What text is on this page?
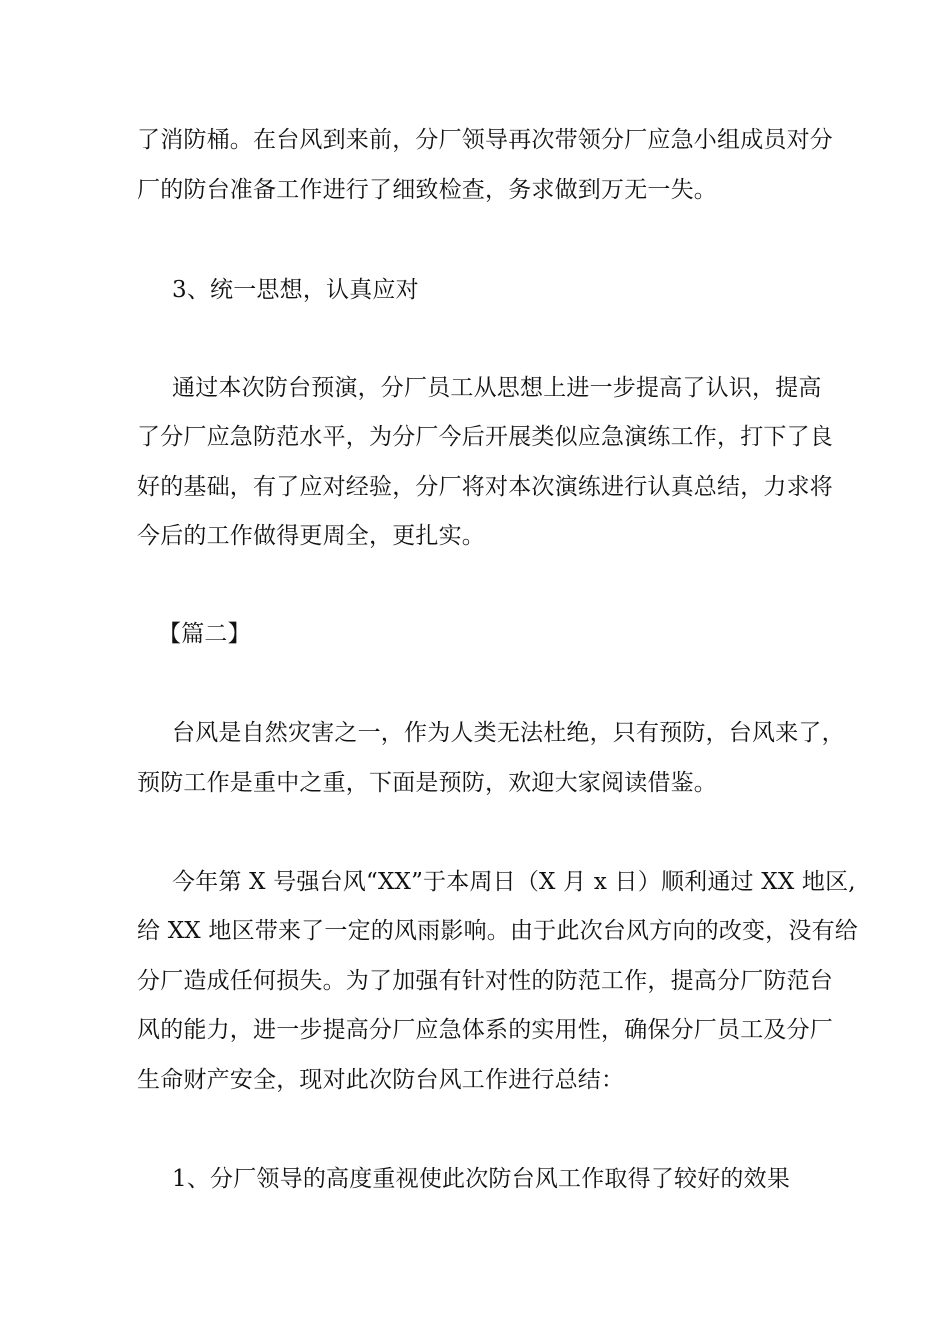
了消防桶。在台风到来前，分厂领导再次带领分厂应急小组成员对分
厂的防台准备工作进行了细致检查，务求做到万无一失。
3、统一思想，认真应对
通过本次防台预演，分厂员工从思想上进一步提高了认识，提高
了分厂应急防范水平，为分厂今后开展类似应急演练工作，打下了良
好的基础，有了应对经验，分厂将对本次演练进行认真总结，力求将
今后的工作做得更周全，更扎实。
【篇二】
台风是自然灾害之一，作为人类无法杜绝，只有预防，台风来了，
预防工作是重中之重，下面是预防，欢迎大家阅读借鉴。
今年第 X 号强台风“XX”于本周日（X 月 x 日）顺利通过 XX 地区,
给 XX 地区带来了一定的风雨影响。由于此次台风方向的改变，没有给
分厂造成任何损失。为了加强有针对性的防范工作，提高分厂防范台
风的能力，进一步提高分厂应急体系的实用性，确保分厂员工及分厂
生命财产安全，现对此次防台风工作进行总结：
1、分厂领导的高度重视使此次防台风工作取得了较好的效果
